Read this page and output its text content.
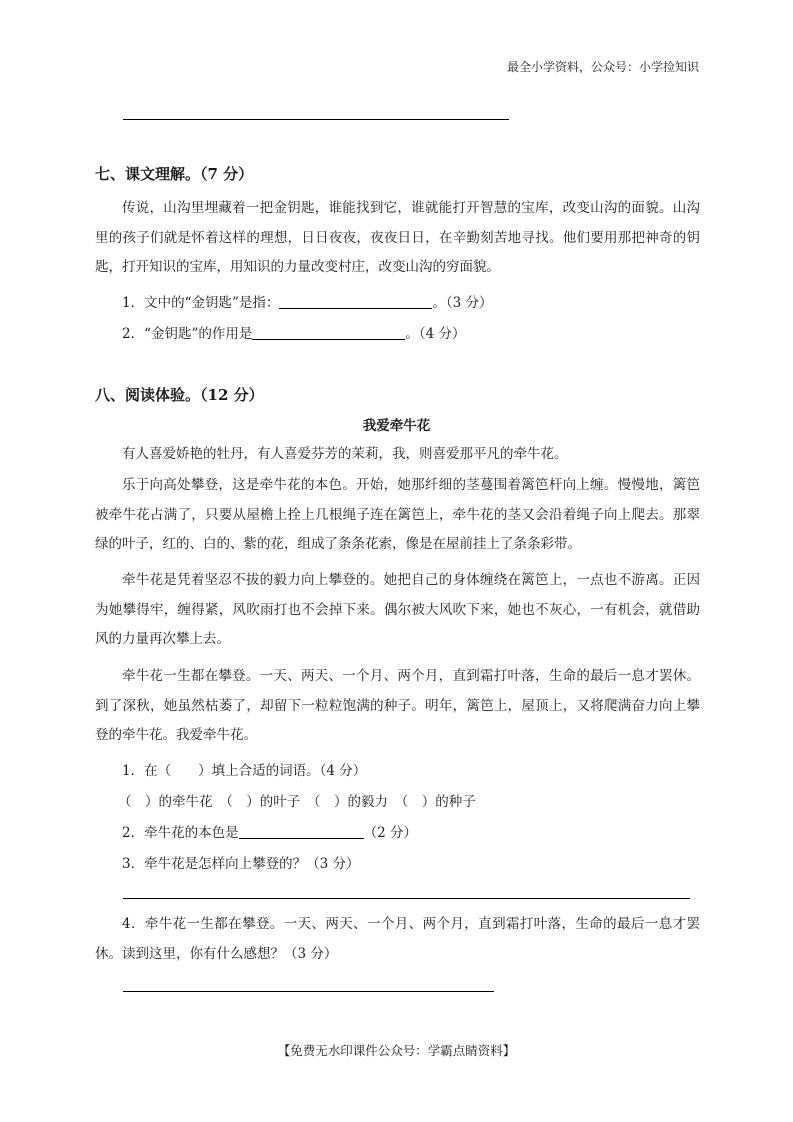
最全小学资料，公众号：小学捡知识
七、课文理解。（7 分）
传说，山沟里埋藏着一把金钥匙，谁能找到它，谁就能打开智慧的宝库，改变山沟的面貌。山沟里的孩子们就是怀着这样的理想，日日夜夜，夜夜日日，在辛勤刻苦地寻找。他们要用那把神奇的钥匙，打开知识的宝库，用知识的力量改变村庄，改变山沟的穷面貌。
1．文中的“金钥匙”是指：	。（3 分）
2．“金钥匙”的作用是	。（4 分）
八、阅读体验。（12 分）
我爱牵牛花
有人喜爱娇艳的牡丹，有人喜爱芬芳的茉莉，我，则喜爱那平凡的牵牛花。
乐于向高处攀登，这是牵牛花的本色。开始，她那纤细的茎蔓围着篱笆杆向上缠。慢慢地，篱笆被牵牛花占满了，只要从屋檐上拴上几根绳子连在篱笆上，牵牛花的茎又会沿着绳子向上爬去。那翠绿的叶子，红的、白的、紫的花，组成了条条花索，像是在屋前挂上了条条彩带。
牵牛花是凭着坚忍不拔的毅力向上攀登的。她把自己的身体缠绕在篱笆上，一点也不游离。正因为她攀得牢，缠得紧，风吹雨打也不会掉下来。偶尔被大风吹下来，她也不灰心，一有机会，就借助风的力量再次攀上去。
牵牛花一生都在攀登。一天、两天、一个月、两个月，直到霜打叶落，生命的最后一息才罢休。到了深秋，她虽然枯萎了，却留下一粒粒饱满的种子。明年，篱笆上，屋顶上，又将爬满奋力向上攀登的牵牛花。我爱牵牛花。
1．在（　　）填上合适的词语。（4 分）
（　）的牵牛花　（　）的叶子　（　）的毅力　（　）的种子
2．牵牛花的本色是	（2 分）
3．牵牛花是怎样向上攀登的？（3 分）
4．牵牛花一生都在攀登。一天、两天、一个月、两个月，直到霜打叶落，生命的最后一息才罢休。读到这里，你有什么感想？（3 分）
【免费无水印课件公众号：学霸点睛资料】
